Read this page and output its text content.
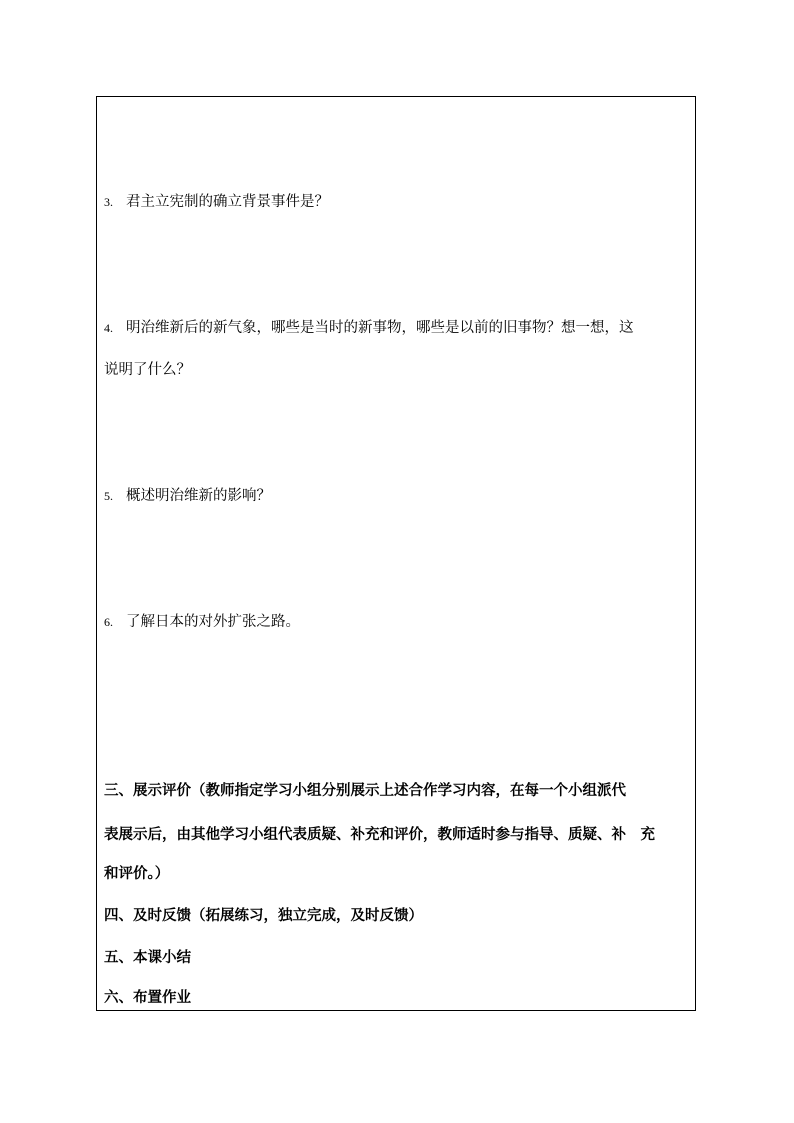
3. 君主立宪制的确立背景事件是？
4. 明治维新后的新气象，哪些是当时的新事物，哪些是以前的旧事物？想一想，这
说明了什么？
5. 概述明治维新的影响？
6. 了解日本的对外扩张之路。
三、展示评价（教师指定学习小组分别展示上述合作学习内容，在每一个小组派代
表展示后，由其他学习小组代表质疑、补充和评价，教师适时参与指导、质疑、补　充
和评价。）
四、及时反馈（拓展练习，独立完成，及时反馈）
五、本课小结
六、布置作业
